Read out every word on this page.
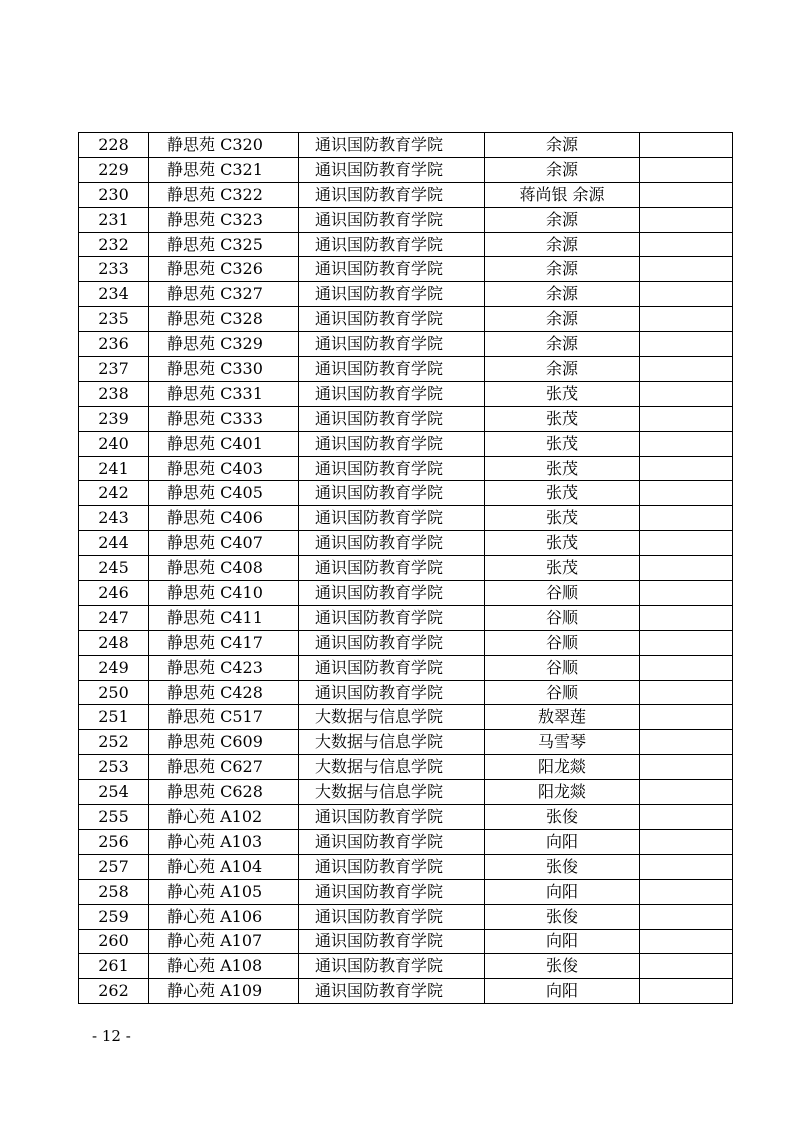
228	静思苑 C320	通识国防教育学院	余源	
229	静思苑 C321	通识国防教育学院	余源	
230	静思苑 C322	通识国防教育学院	蒋尚银 余源	
231	静思苑 C323	通识国防教育学院	余源	
232	静思苑 C325	通识国防教育学院	余源	
233	静思苑 C326	通识国防教育学院	余源	
234	静思苑 C327	通识国防教育学院	余源	
235	静思苑 C328	通识国防教育学院	余源	
236	静思苑 C329	通识国防教育学院	余源	
237	静思苑 C330	通识国防教育学院	余源	
238	静思苑 C331	通识国防教育学院	张茂	
239	静思苑 C333	通识国防教育学院	张茂	
240	静思苑 C401	通识国防教育学院	张茂	
241	静思苑 C403	通识国防教育学院	张茂	
242	静思苑 C405	通识国防教育学院	张茂	
243	静思苑 C406	通识国防教育学院	张茂	
244	静思苑 C407	通识国防教育学院	张茂	
245	静思苑 C408	通识国防教育学院	张茂	
246	静思苑 C410	通识国防教育学院	谷顺	
247	静思苑 C411	通识国防教育学院	谷顺	
248	静思苑 C417	通识国防教育学院	谷顺	
249	静思苑 C423	通识国防教育学院	谷顺	
250	静思苑 C428	通识国防教育学院	谷顺	
251	静思苑 C517	大数据与信息学院	敖翠莲	
252	静思苑 C609	大数据与信息学院	马雪琴	
253	静思苑 C627	大数据与信息学院	阳龙燚	
254	静思苑 C628	大数据与信息学院	阳龙燚	
255	静心苑 A102	通识国防教育学院	张俊	
256	静心苑 A103	通识国防教育学院	向阳	
257	静心苑 A104	通识国防教育学院	张俊	
258	静心苑 A105	通识国防教育学院	向阳	
259	静心苑 A106	通识国防教育学院	张俊	
260	静心苑 A107	通识国防教育学院	向阳	
261	静心苑 A108	通识国防教育学院	张俊	
262	静心苑 A109	通识国防教育学院	向阳	
- 12 -
